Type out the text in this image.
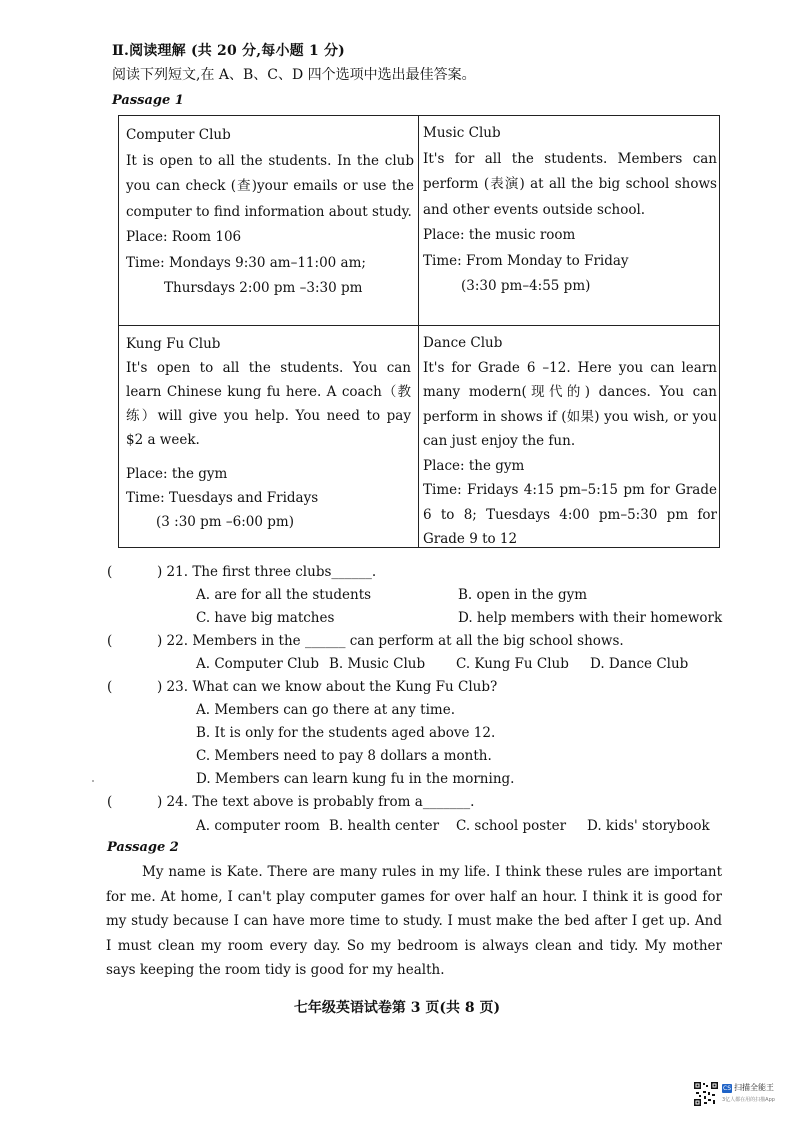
Ⅱ.阅读理解 (共 20 分,每小题 1 分)
阅读下列短文,在 A、B、C、D 四个选项中选出最佳答案。
Passage 1

Computer Club

It is open to all the students. In the club you can check (查)your emails or use the computer to find information about study.

Place: Room 106

Time: Mondays 9:30 am–11:00 am;

Thursdays 2:00 pm –3:30 pm

Music Club

It's for all the students. Members can perform (表演) at all the big school shows and other events outside school.

Place: the music room

Time: From Monday to Friday

(3:30 pm–4:55 pm)

Kung Fu Club

It's open to all the students. You can learn Chinese kung fu here. A coach（教练）will give you help. You need to pay $2 a week.

Place: the gym

Time: Tuesdays and Fridays

(3 :30 pm –6:00 pm)

Dance Club

It's for Grade 6 –12. Here you can learn many modern(现代的) dances. You can perform in shows if (如果) you wish, or you can just enjoy the fun.

Place: the gym

Time: Fridays 4:15 pm–5:15 pm for Grade 6 to 8; Tuesdays 4:00 pm–5:30 pm for Grade 9 to 12

(	) 21. The first three clubs______.
A. are for all the students	B. open in the gym
C. have big matches	D. help members with their homework
(	) 22. Members in the ______ can perform at all the big school shows.
A. Computer Club B. Music Club C. Kung Fu Club D. Dance Club
(	) 23. What can we know about the Kung Fu Club?
A. Members can go there at any time.
B. It is only for the students aged above 12.
C. Members need to pay 8 dollars a month.
D. Members can learn kung fu in the morning.
(	) 24. The text above is probably from a_______.
A. computer room B. health center C. school poster D. kids' storybook
Passage 2
My name is Kate. There are many rules in my life. I think these rules are important for me. At home, I can't play computer games for over half an hour. I think it is good for my study because I can have more time to study. I must make the bed after I get up. And I must clean my room every day. So my bedroom is always clean and tidy. My mother says keeping the room tidy is good for my health.
七年级英语试卷第 3 页(共 8 页)
CS 扫描全能王
3亿人都在用的扫描App
